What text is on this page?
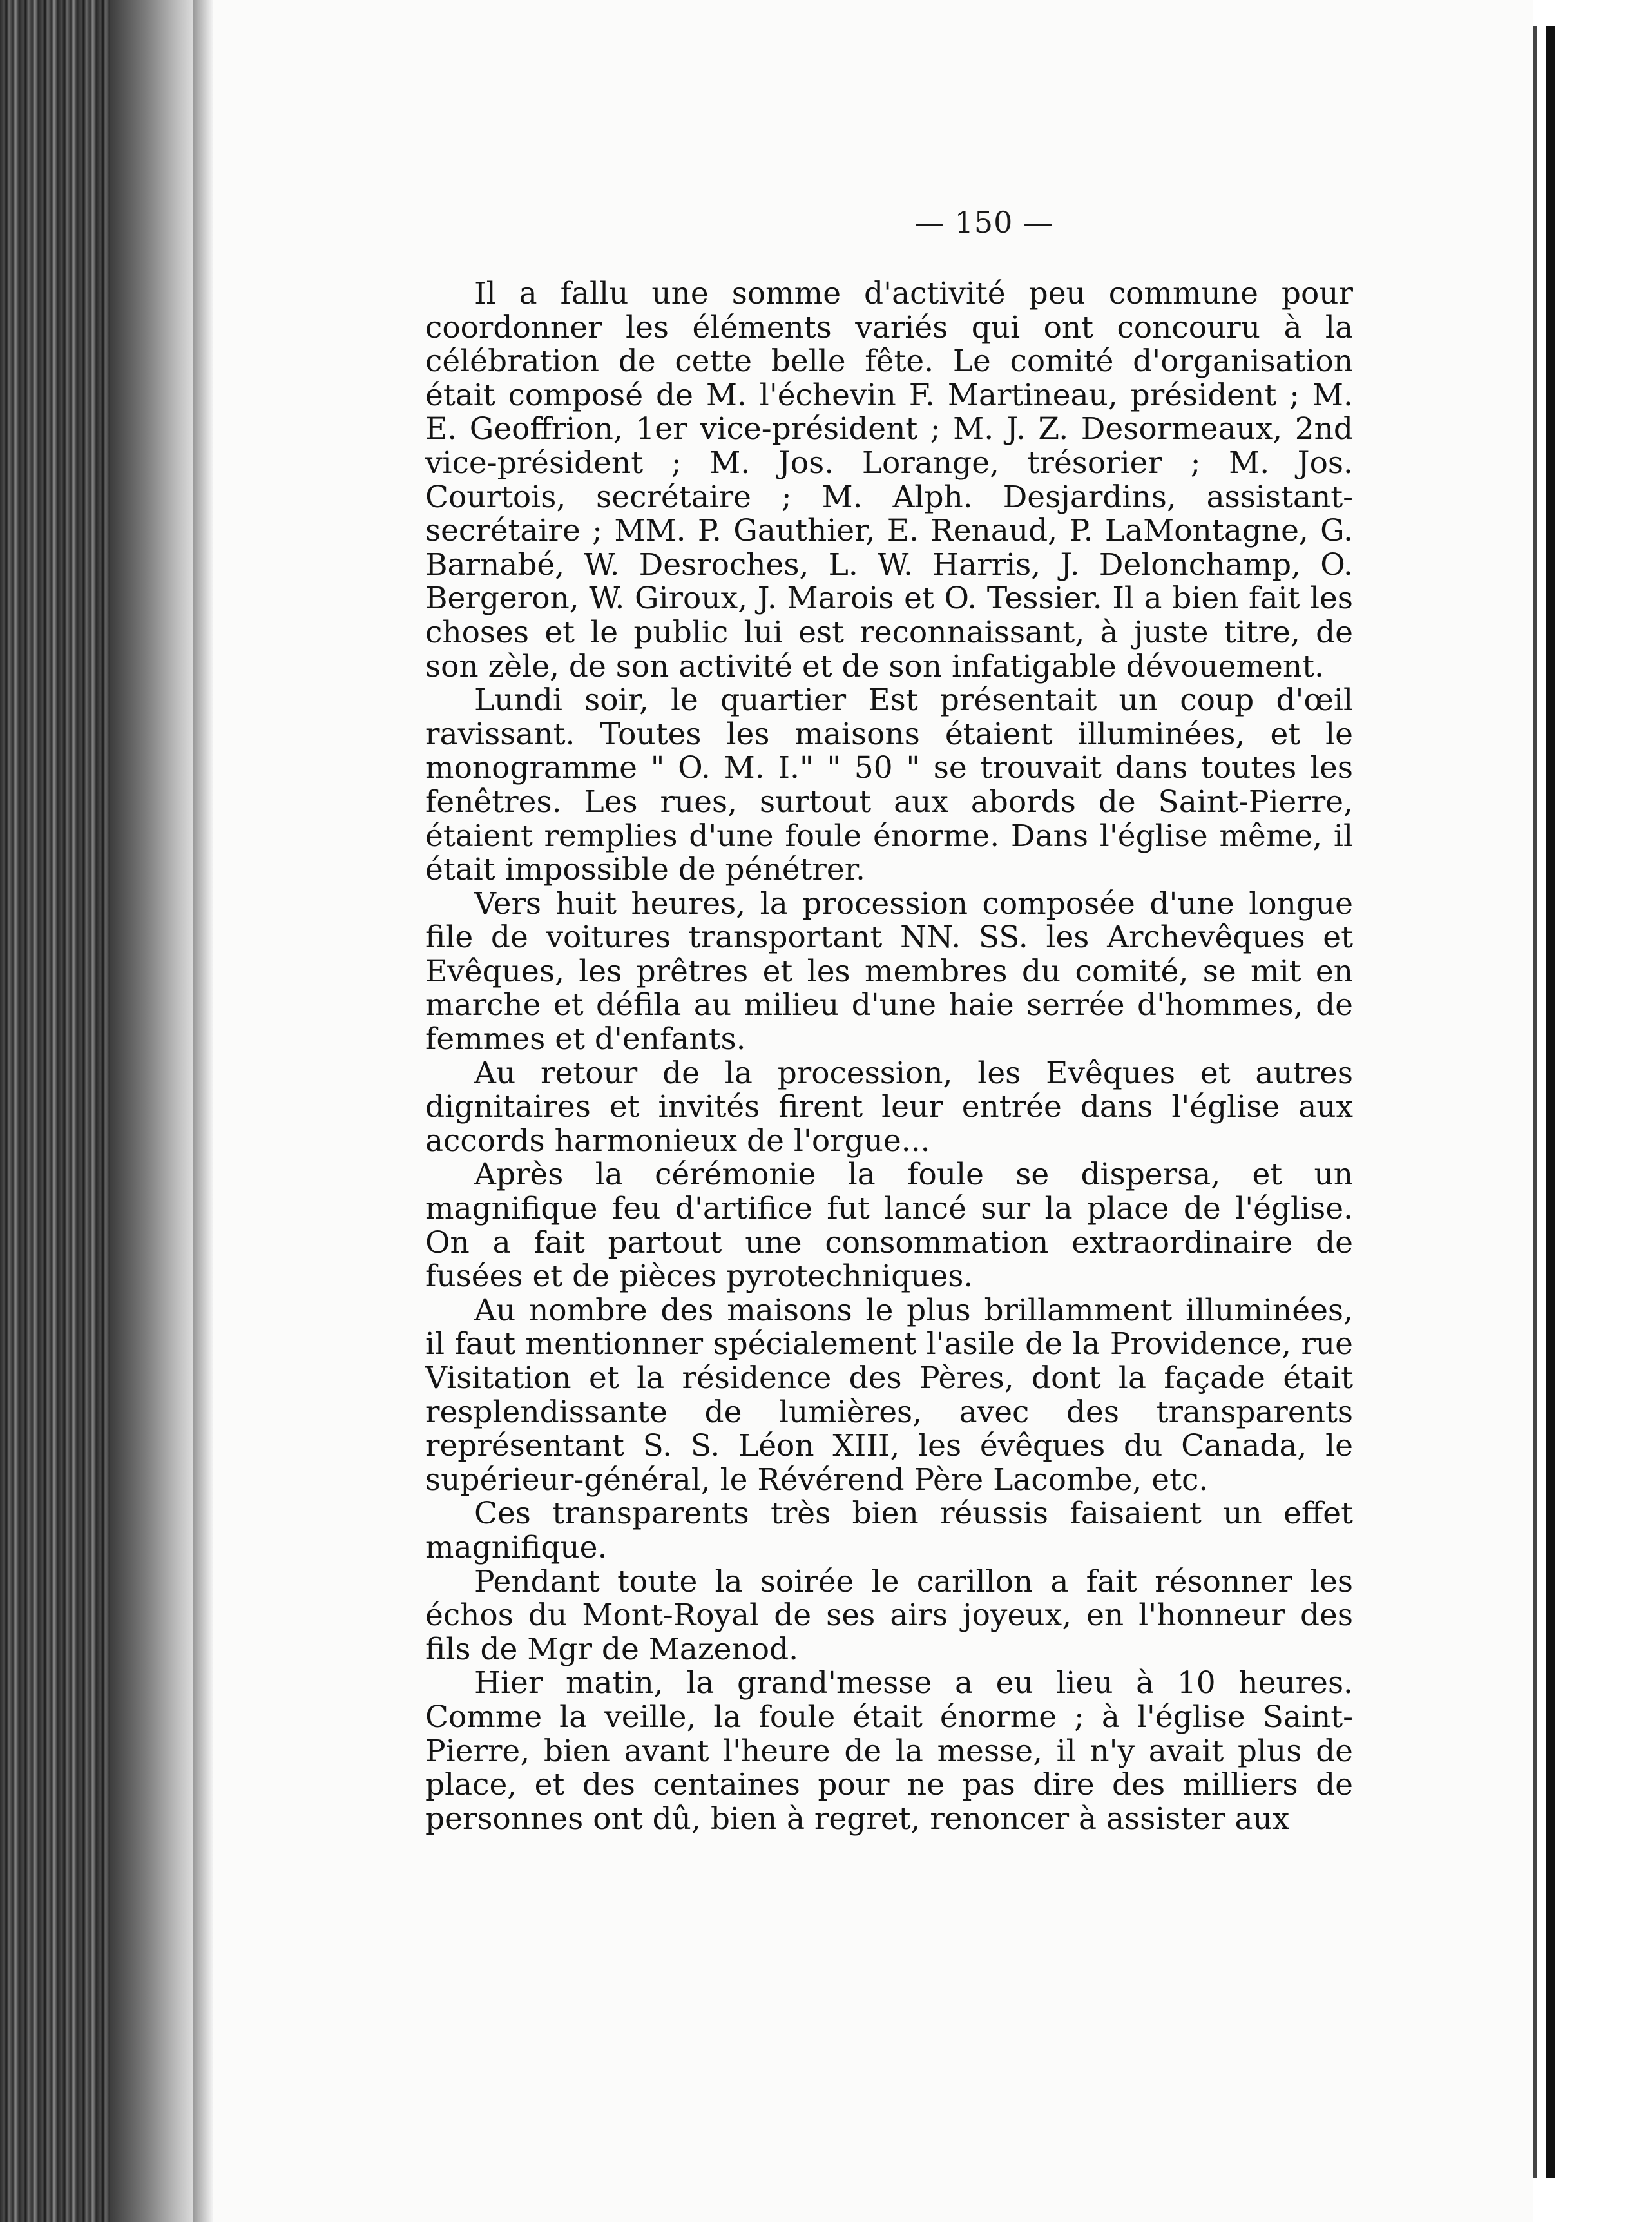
— 150 —

Il a fallu une somme d'activité peu commune pour coordonner les éléments variés qui ont concouru à la célébration de cette belle fête. Le comité d'organisation était composé de M. l'échevin F. Martineau, président ; M. E. Geoffrion, 1er vice-président ; M. J. Z. Desormeaux, 2nd vice-président ; M. Jos. Lorange, trésorier ; M. Jos. Courtois, secrétaire ; M. Alph. Desjardins, assistant-secrétaire ; MM. P. Gauthier, E. Renaud, P. LaMontagne, G. Barnabé, W. Desroches, L. W. Harris, J. Delonchamp, O. Bergeron, W. Giroux, J. Marois et O. Tessier. Il a bien fait les choses et le public lui est reconnaissant, à juste titre, de son zèle, de son activité et de son infatigable dévouement.

Lundi soir, le quartier Est présentait un coup d'œil ravissant. Toutes les maisons étaient illuminées, et le monogramme " O. M. I." " 50 " se trouvait dans toutes les fenêtres. Les rues, surtout aux abords de Saint-Pierre, étaient remplies d'une foule énorme. Dans l'église même, il était impossible de pénétrer.

Vers huit heures, la procession composée d'une longue file de voitures transportant NN. SS. les Archevêques et Evêques, les prêtres et les membres du comité, se mit en marche et défila au milieu d'une haie serrée d'hommes, de femmes et d'enfants.

Au retour de la procession, les Evêques et autres dignitaires et invités firent leur entrée dans l'église aux accords harmonieux de l'orgue...

Après la cérémonie la foule se dispersa, et un magnifique feu d'artifice fut lancé sur la place de l'église. On a fait partout une consommation extraordinaire de fusées et de pièces pyrotechniques.

Au nombre des maisons le plus brillamment illuminées, il faut mentionner spécialement l'asile de la Providence, rue Visitation et la résidence des Pères, dont la façade était resplendissante de lumières, avec des transparents représentant S. S. Léon XIII, les évêques du Canada, le supérieur-général, le Révérend Père Lacombe, etc.

Ces transparents très bien réussis faisaient un effet magnifique.

Pendant toute la soirée le carillon a fait résonner les échos du Mont-Royal de ses airs joyeux, en l'honneur des fils de Mgr de Mazenod.

Hier matin, la grand'messe a eu lieu à 10 heures. Comme la veille, la foule était énorme ; à l'église Saint-Pierre, bien avant l'heure de la messe, il n'y avait plus de place, et des centaines pour ne pas dire des milliers de personnes ont dû, bien à regret, renoncer à assister aux
